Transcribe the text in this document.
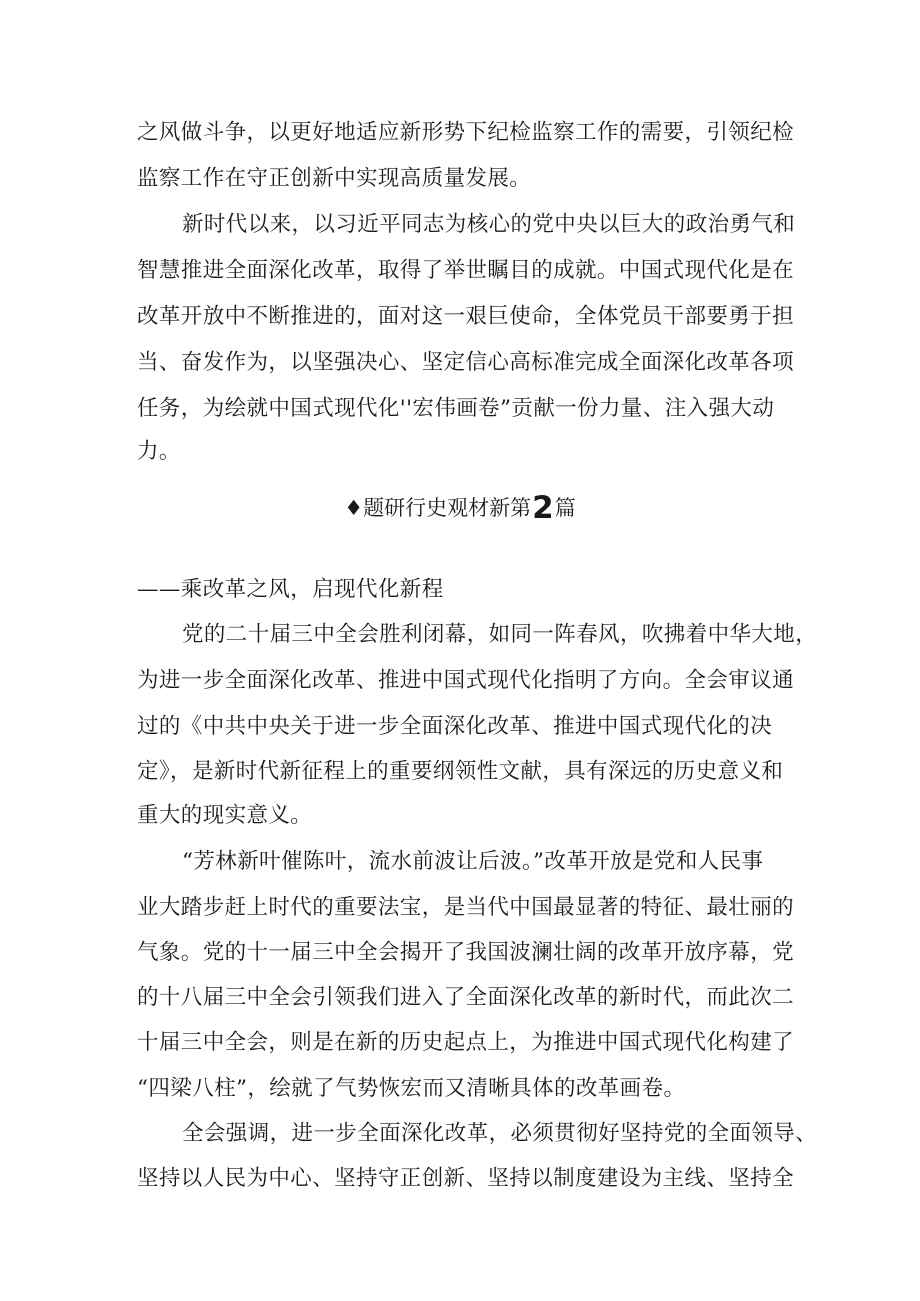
之风做斗争，以更好地适应新形势下纪检监察工作的需要，引领纪检
监察工作在守正创新中实现高质量发展。
新时代以来，以习近平同志为核心的党中央以巨大的政治勇气和
智慧推进全面深化改革，取得了举世瞩目的成就。中国式现代化是在
改革开放中不断推进的，面对这一艰巨使命，全体党员干部要勇于担
当、奋发作为，以坚强决心、坚定信心高标准完成全面深化改革各项
任务，为绘就中国式现代化''宏伟画卷”贡献一份力量、注入强大动
力。
♦题研行史观材新第2篇
——乘改革之风，启现代化新程
党的二十届三中全会胜利闭幕，如同一阵春风，吹拂着中华大地，
为进一步全面深化改革、推进中国式现代化指明了方向。全会审议通
过的《中共中央关于进一步全面深化改革、推进中国式现代化的决
定》，是新时代新征程上的重要纲领性文献，具有深远的历史意义和
重大的现实意义。
“芳林新叶催陈叶，流水前波让后波。”改革开放是党和人民事
业大踏步赶上时代的重要法宝，是当代中国最显著的特征、最壮丽的
气象。党的十一届三中全会揭开了我国波澜壮阔的改革开放序幕，党
的十八届三中全会引领我们进入了全面深化改革的新时代，而此次二
十届三中全会，则是在新的历史起点上，为推进中国式现代化构建了
“四梁八柱”，绘就了气势恢宏而又清晰具体的改革画卷。
全会强调，进一步全面深化改革，必须贯彻好坚持党的全面领导、
坚持以人民为中心、坚持守正创新、坚持以制度建设为主线、坚持全
